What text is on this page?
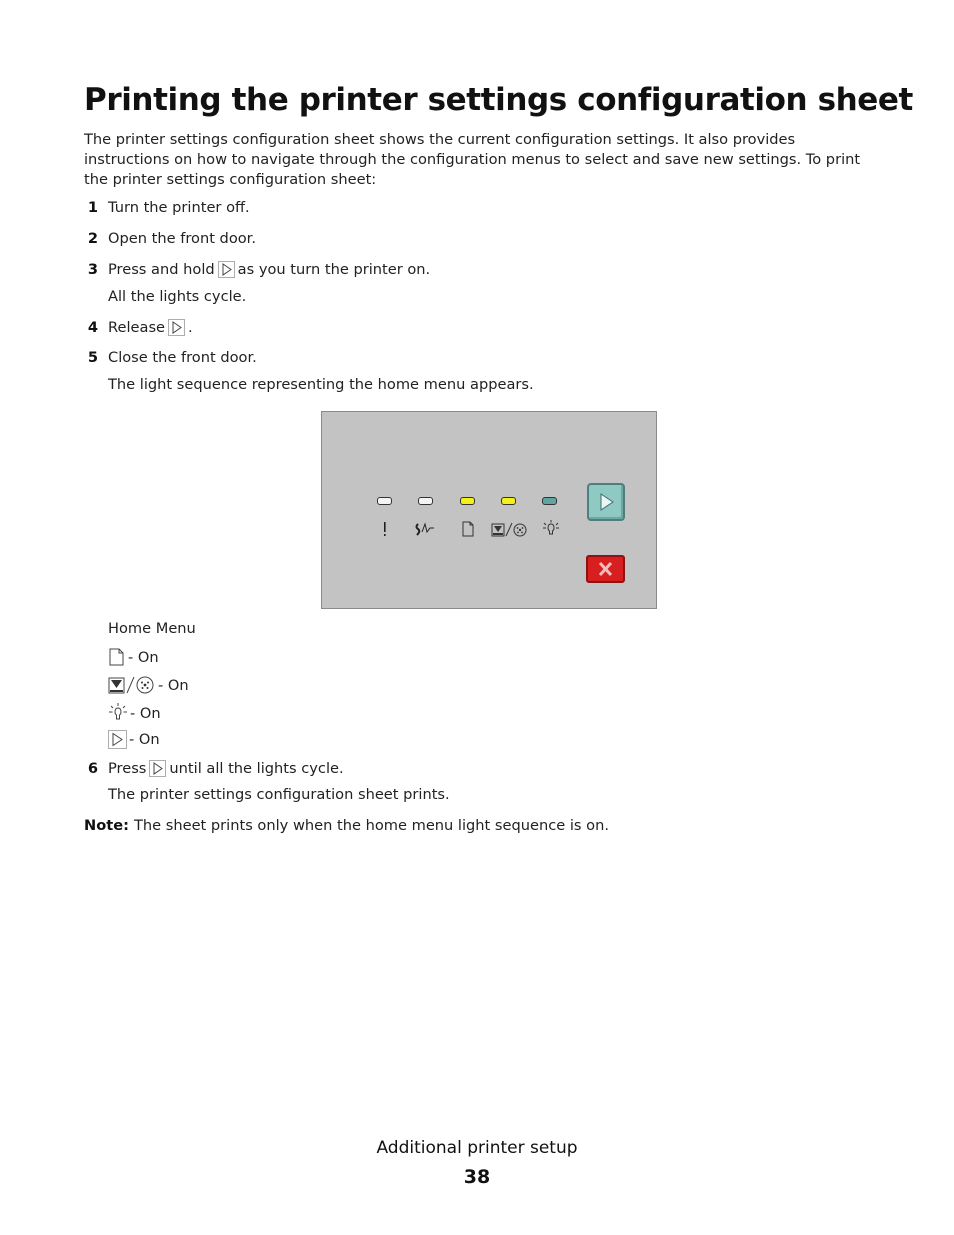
Printing the printer settings configuration sheet
The printer settings configuration sheet shows the current configuration settings. It also provides instructions on how to navigate through the configuration menus to select and save new settings. To print the printer settings configuration sheet:
1 Turn the printer off.
2 Open the front door.
3 Press and hold as you turn the printer on.
All the lights cycle.
4 Release .
5 Close the front door.
The light sequence representing the home menu appears.
Home Menu
- On
- On
- On
- On
6 Press until all the lights cycle.
The printer settings configuration sheet prints.
Note: The sheet prints only when the home menu light sequence is on.
Additional printer setup
38
